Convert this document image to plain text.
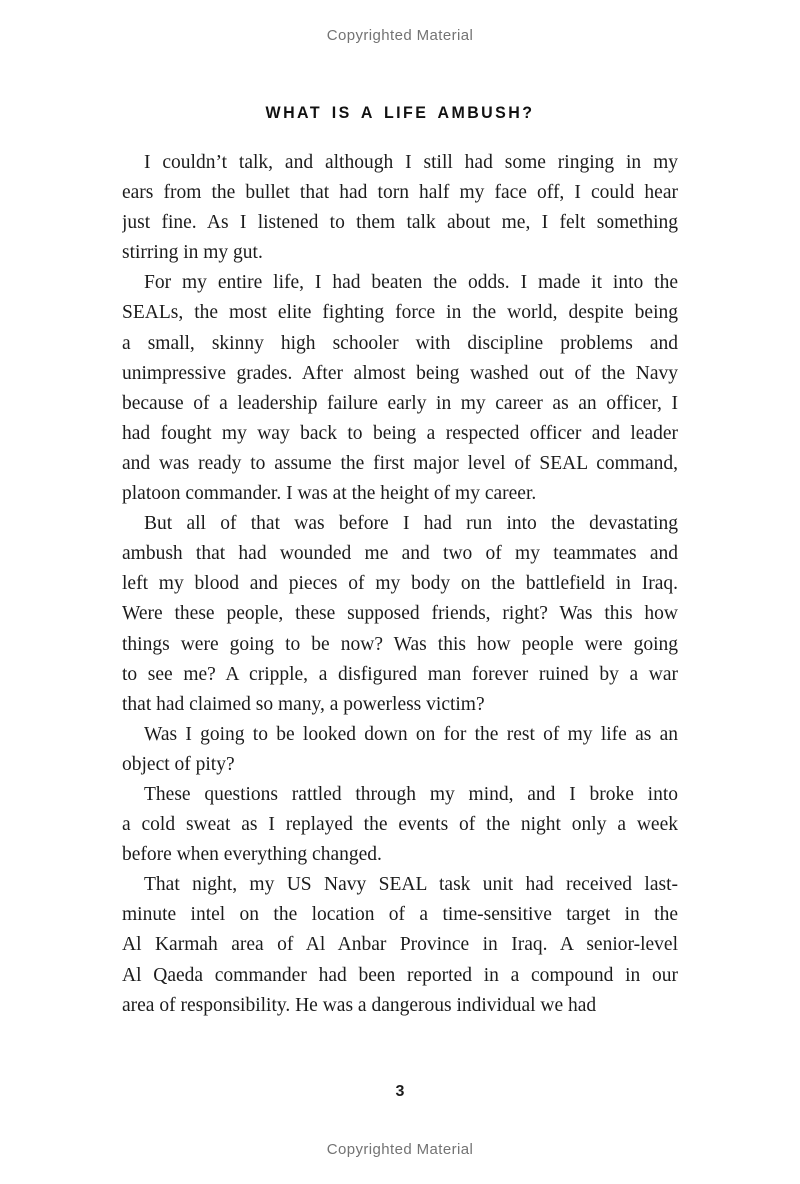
Copyrighted Material
WHAT IS A LIFE AMBUSH?
I couldn’t talk, and although I still had some ringing in my
ears from the bullet that had torn half my face off, I could hear
just fine. As I listened to them talk about me, I felt something
stirring in my gut.
For my entire life, I had beaten the odds. I made it into the
SEALs, the most elite fighting force in the world, despite being
a small, skinny high schooler with discipline problems and
unimpressive grades. After almost being washed out of the Navy
because of a leadership failure early in my career as an officer, I
had fought my way back to being a respected officer and leader
and was ready to assume the first major level of SEAL command,
platoon commander. I was at the height of my career.
But all of that was before I had run into the devastating
ambush that had wounded me and two of my teammates and
left my blood and pieces of my body on the battlefield in Iraq.
Were these people, these supposed friends, right? Was this how
things were going to be now? Was this how people were going
to see me? A cripple, a disfigured man forever ruined by a war
that had claimed so many, a powerless victim?
Was I going to be looked down on for the rest of my life as an
object of pity?
These questions rattled through my mind, and I broke into
a cold sweat as I replayed the events of the night only a week
before when everything changed.
That night, my US Navy SEAL task unit had received last-
minute intel on the location of a time-sensitive target in the
Al Karmah area of Al Anbar Province in Iraq. A senior-level
Al Qaeda commander had been reported in a compound in our
area of responsibility. He was a dangerous individual we had
3
Copyrighted Material
